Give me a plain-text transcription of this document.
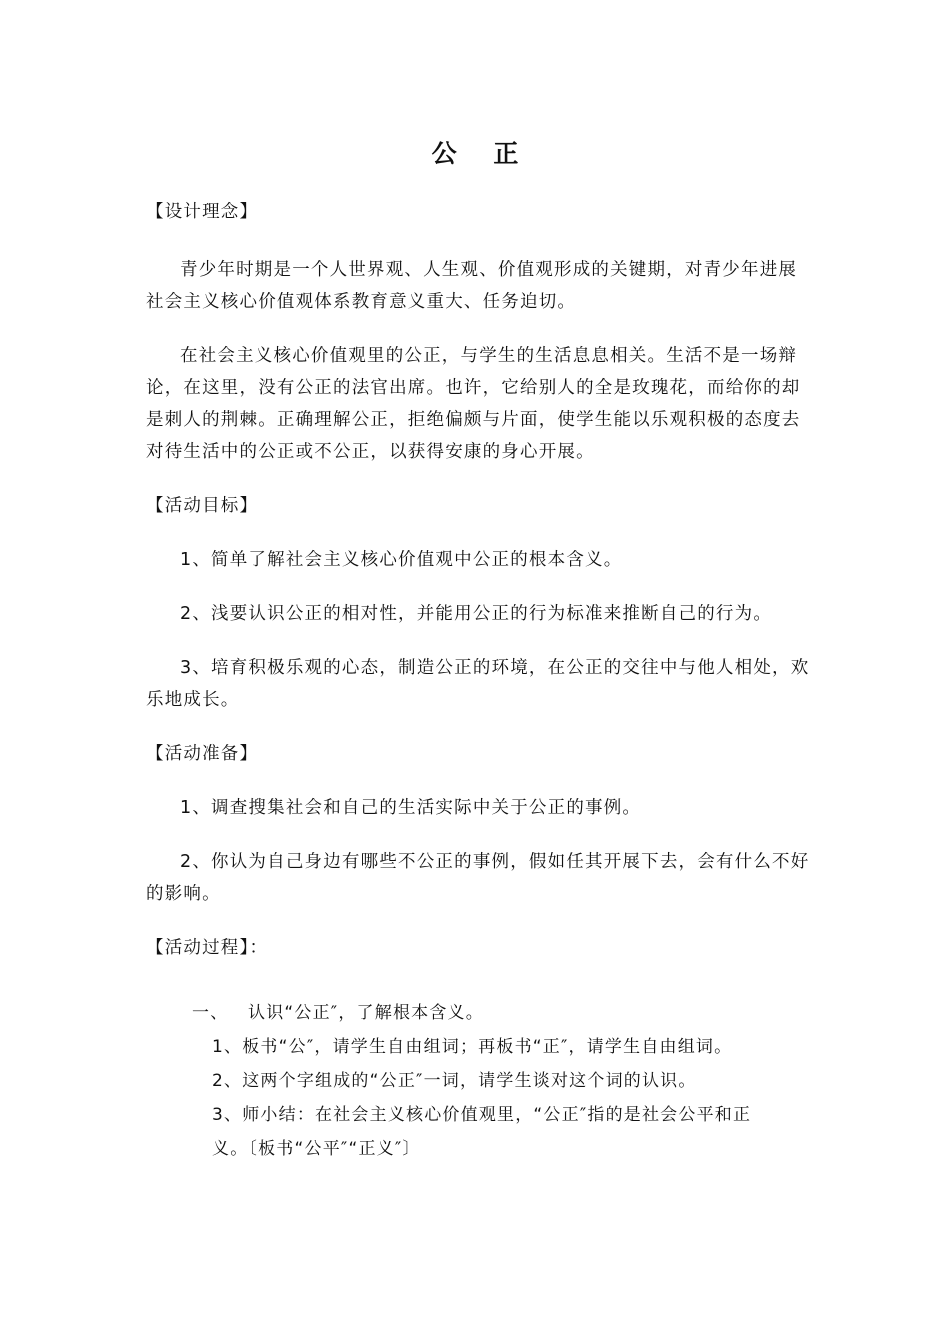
公 正

【设计理念】

青少年时期是一个人世界观、人生观、价值观形成的关键期，对青少年进展社会主义核心价值观体系教育意义重大、任务迫切。

在社会主义核心价值观里的公正，与学生的生活息息相关。生活不是一场辩论，在这里，没有公正的法官出席。也许，它给别人的全是玫瑰花，而给你的却是刺人的荆棘。正确理解公正，拒绝偏颇与片面，使学生能以乐观积极的态度去对待生活中的公正或不公正，以获得安康的身心开展。

【活动目标】

1、简单了解社会主义核心价值观中公正的根本含义。

2、浅要认识公正的相对性，并能用公正的行为标准来推断自己的行为。

3、培育积极乐观的心态，制造公正的环境，在公正的交往中与他人相处，欢乐地成长。

【活动准备】

1、调查搜集社会和自己的生活实际中关于公正的事例。

2、你认为自己身边有哪些不公正的事例，假如任其开展下去，会有什么不好的影响。

【活动过程】：

一、 认识“公正″，了解根本含义。
1、板书“公″，请学生自由组词；再板书“正″，请学生自由组词。
2、这两个字组成的“公正″一词，请学生谈对这个词的认识。
3、师小结：在社会主义核心价值观里，“公正″指的是社会公平和正
义。〔板书“公平″“正义″〕
